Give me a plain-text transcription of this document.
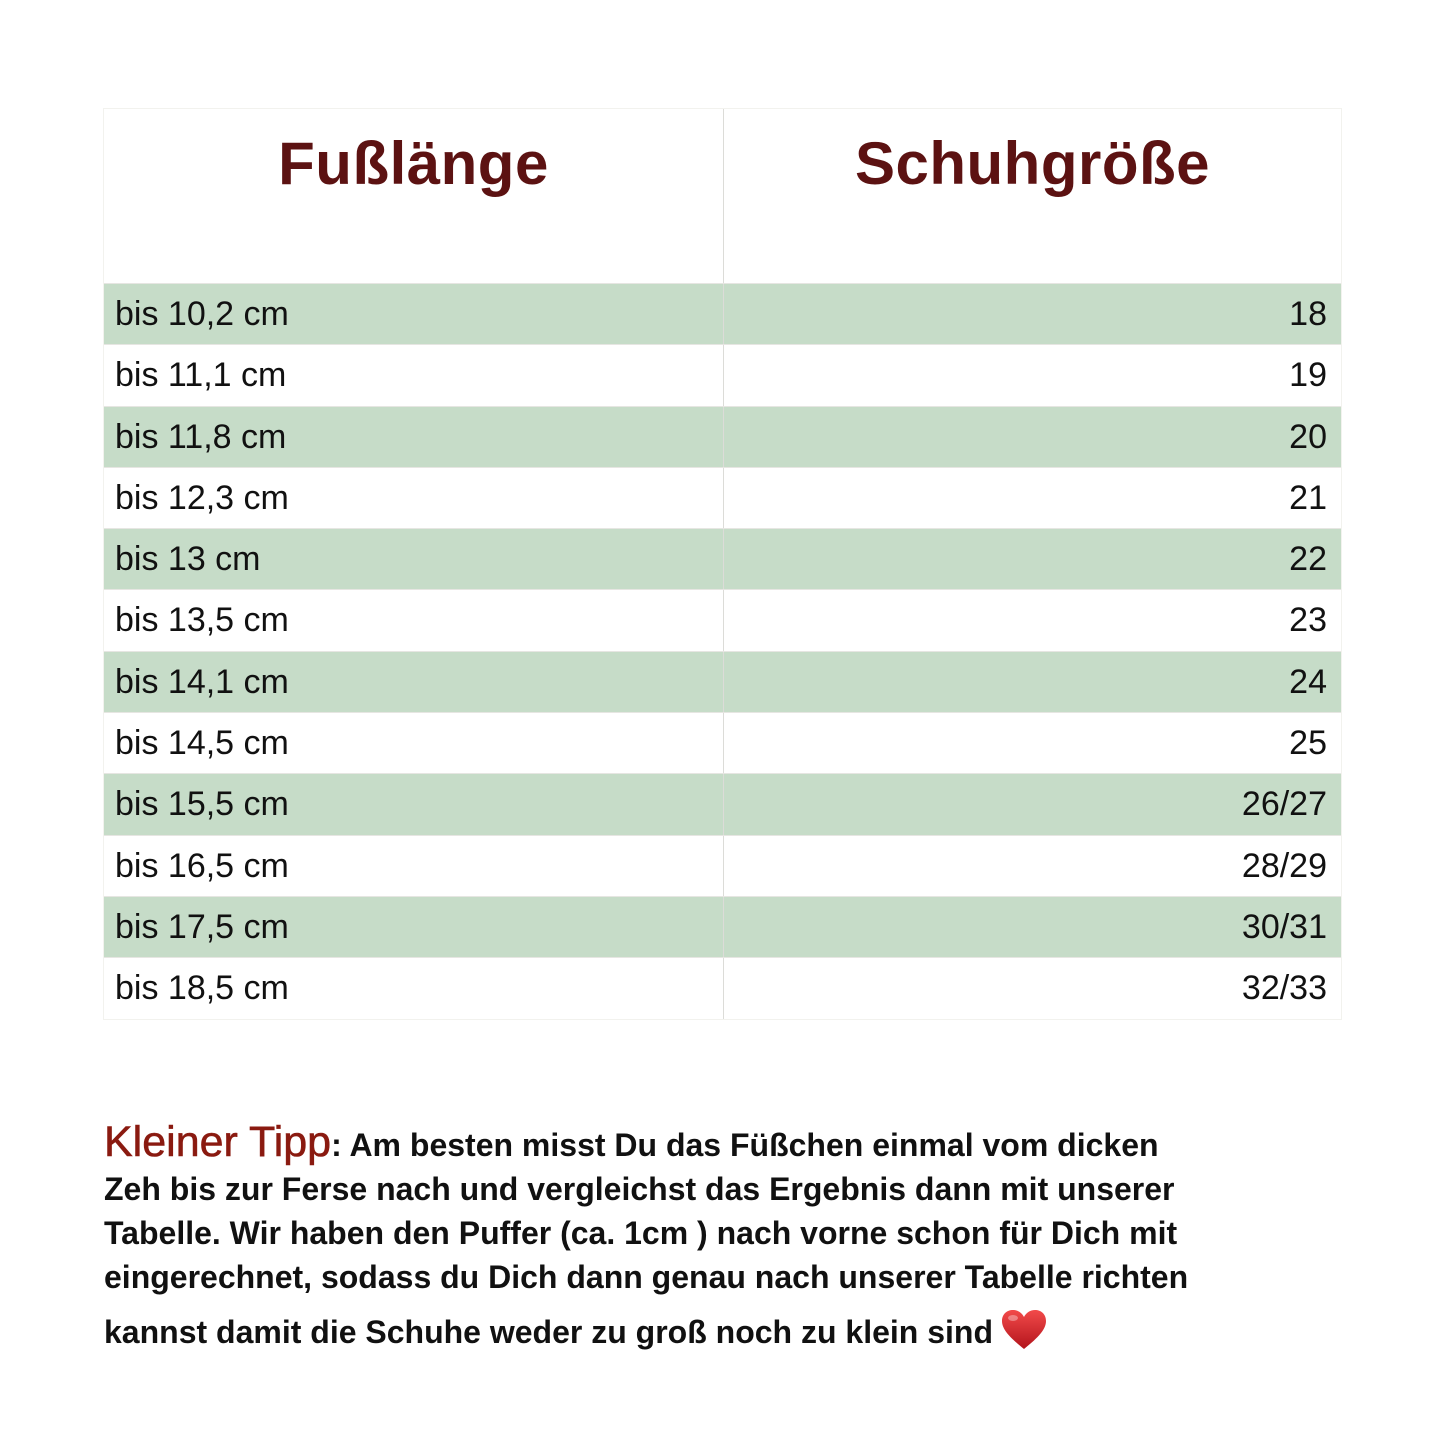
Fußlänge	Schuhgröße
bis 10,2 cm	18
bis 11,1 cm	19
bis 11,8 cm	20
bis 12,3 cm	21
bis 13 cm	22
bis 13,5 cm	23
bis 14,1 cm	24
bis 14,5 cm	25
bis 15,5 cm	26/27
bis 16,5 cm	28/29
bis 17,5 cm	30/31
bis 18,5 cm	32/33
Kleiner Tipp: Am besten misst Du das Füßchen einmal vom dicken
Zeh bis zur Ferse nach und vergleichst das Ergebnis dann mit unserer
Tabelle. Wir haben den Puffer (ca. 1cm ) nach vorne schon für Dich mit
eingerechnet, sodass du Dich dann genau nach unserer Tabelle richten
kannst damit die Schuhe weder zu groß noch zu klein sind
